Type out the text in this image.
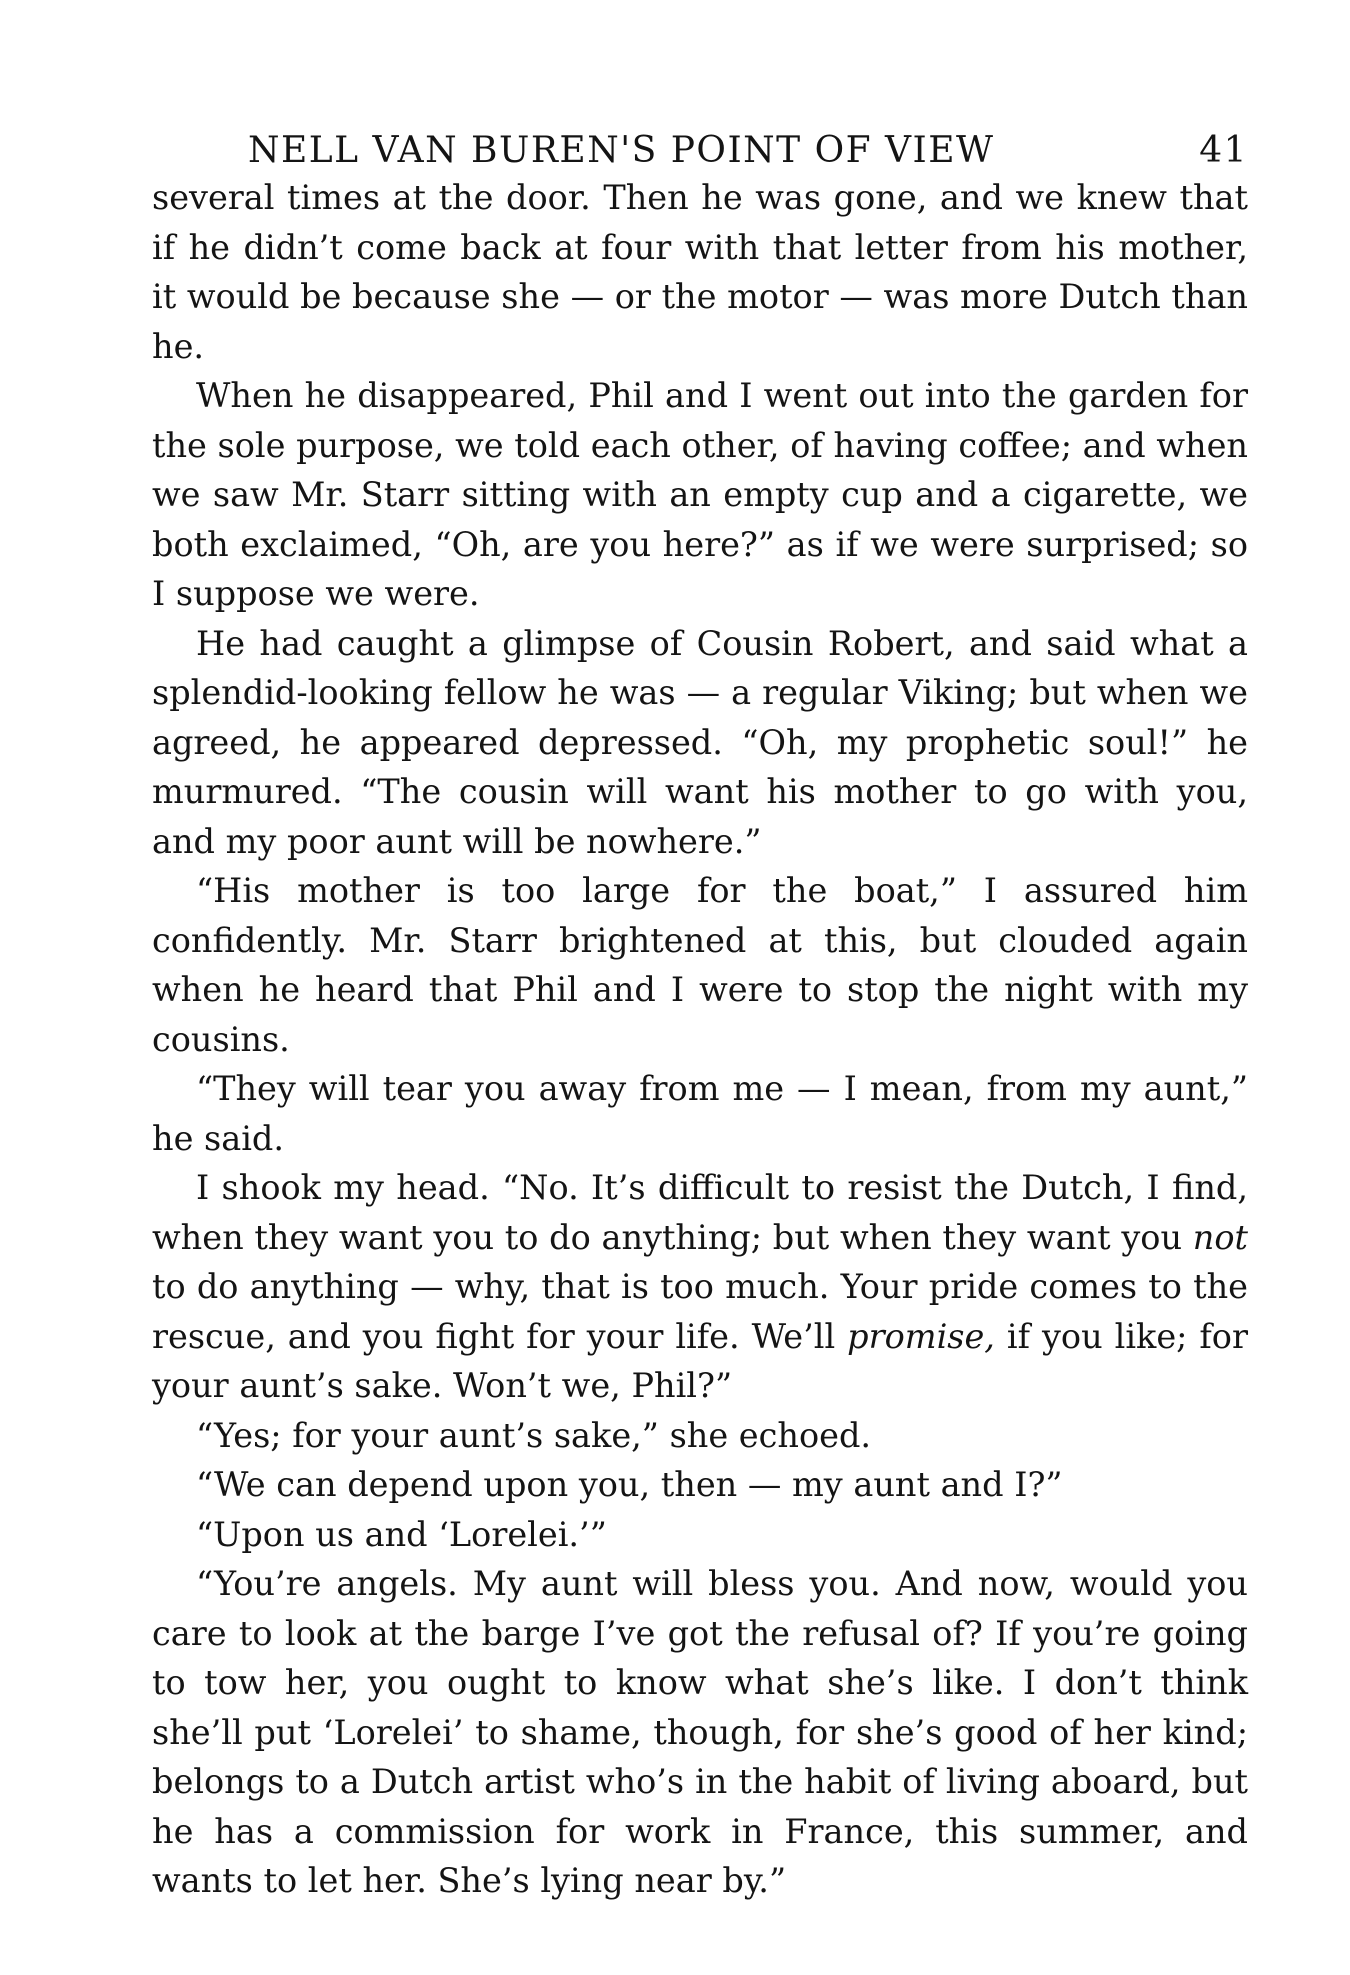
NELL VAN BUREN'S POINT OF VIEW	41

several times at the door. Then he was gone, and we knew that if he didn’t come back at four with that letter from his mother, it would be because she — or the motor — was more Dutch than he.

When he disappeared, Phil and I went out into the garden for the sole purpose, we told each other, of having coffee; and when we saw Mr. Starr sitting with an empty cup and a cigarette, we both exclaimed, “Oh, are you here?” as if we were surprised; so I suppose we were.

He had caught a glimpse of Cousin Robert, and said what a splendid-looking fellow he was — a regular Viking; but when we agreed, he appeared depressed. “Oh, my prophetic soul!” he murmured. “The cousin will want his mother to go with you, and my poor aunt will be nowhere.”

“His mother is too large for the boat,” I assured him confidently. Mr. Starr brightened at this, but clouded again when he heard that Phil and I were to stop the night with my cousins.

“They will tear you away from me — I mean, from my aunt,” he said.

I shook my head. “No. It’s difficult to resist the Dutch, I find, when they want you to do anything; but when they want you not to do anything — why, that is too much. Your pride comes to the rescue, and you fight for your life. We’ll promise, if you like; for your aunt’s sake. Won’t we, Phil?”

“Yes; for your aunt’s sake,” she echoed.

“We can depend upon you, then — my aunt and I?”

“Upon us and ‘Lorelei.’”

“You’re angels. My aunt will bless you. And now, would you care to look at the barge I’ve got the refusal of? If you’re going to tow her, you ought to know what she’s like. I don’t think she’ll put ‘Lorelei’ to shame, though, for she’s good of her kind; belongs to a Dutch artist who’s in the habit of living aboard, but he has a commission for work in France, this summer, and wants to let her. She’s lying near by.”
